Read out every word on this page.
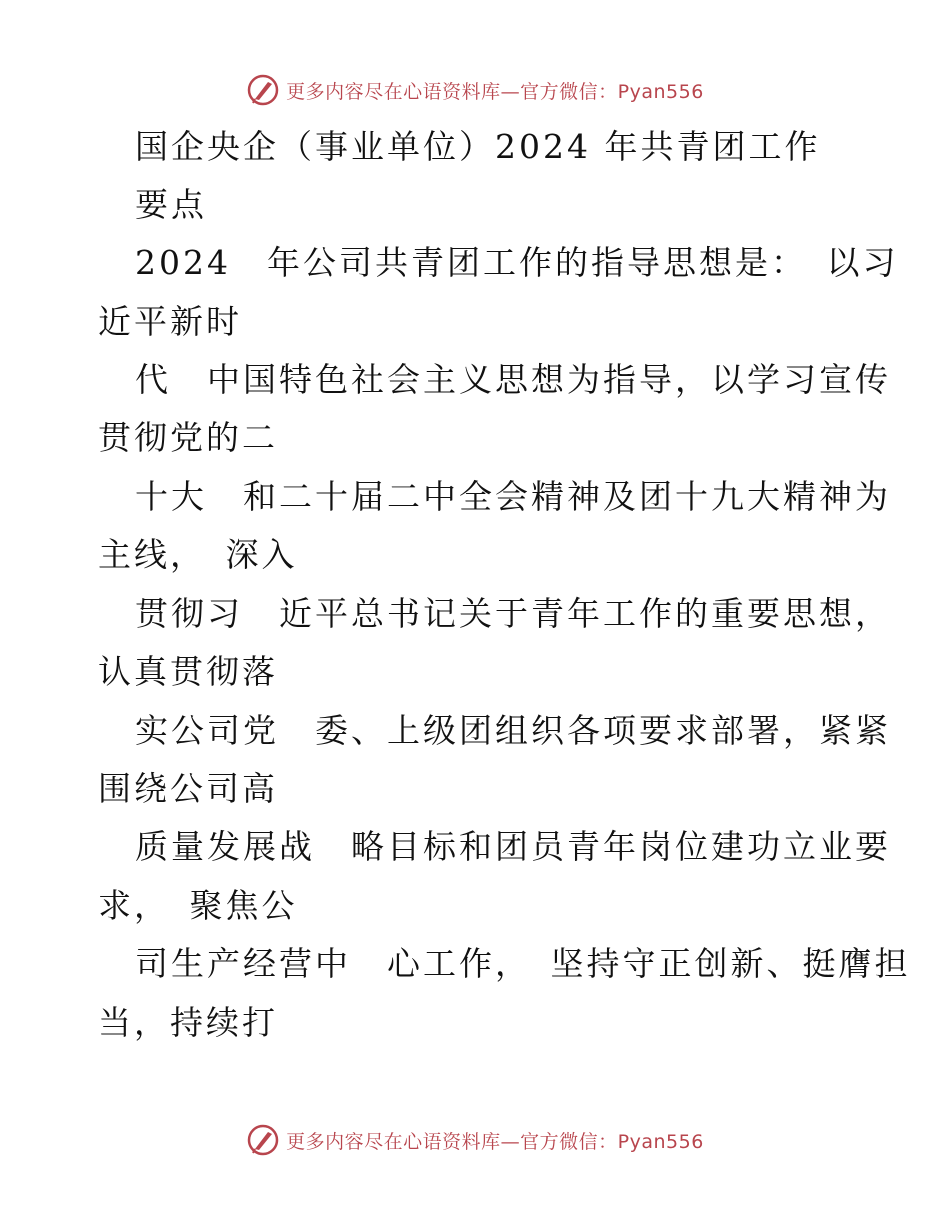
更多内容尽在心语资料库—官方微信：Pyan556
国企央企（事业单位）2024 年共青团工作
要点
2024　年公司共青团工作的指导思想是：　以习
近平新时
代　中国特色社会主义思想为指导，以学习宣传
贯彻党的二
十大　和二十届二中全会精神及团十九大精神为
主线，　深入
贯彻习　近平总书记关于青年工作的重要思想，
认真贯彻落
实公司党　委、上级团组织各项要求部署，紧紧
围绕公司高
质量发展战　略目标和团员青年岗位建功立业要
求，　聚焦公
司生产经营中　心工作，　坚持守正创新、挺膺担
当，持续打
更多内容尽在心语资料库—官方微信：Pyan556
